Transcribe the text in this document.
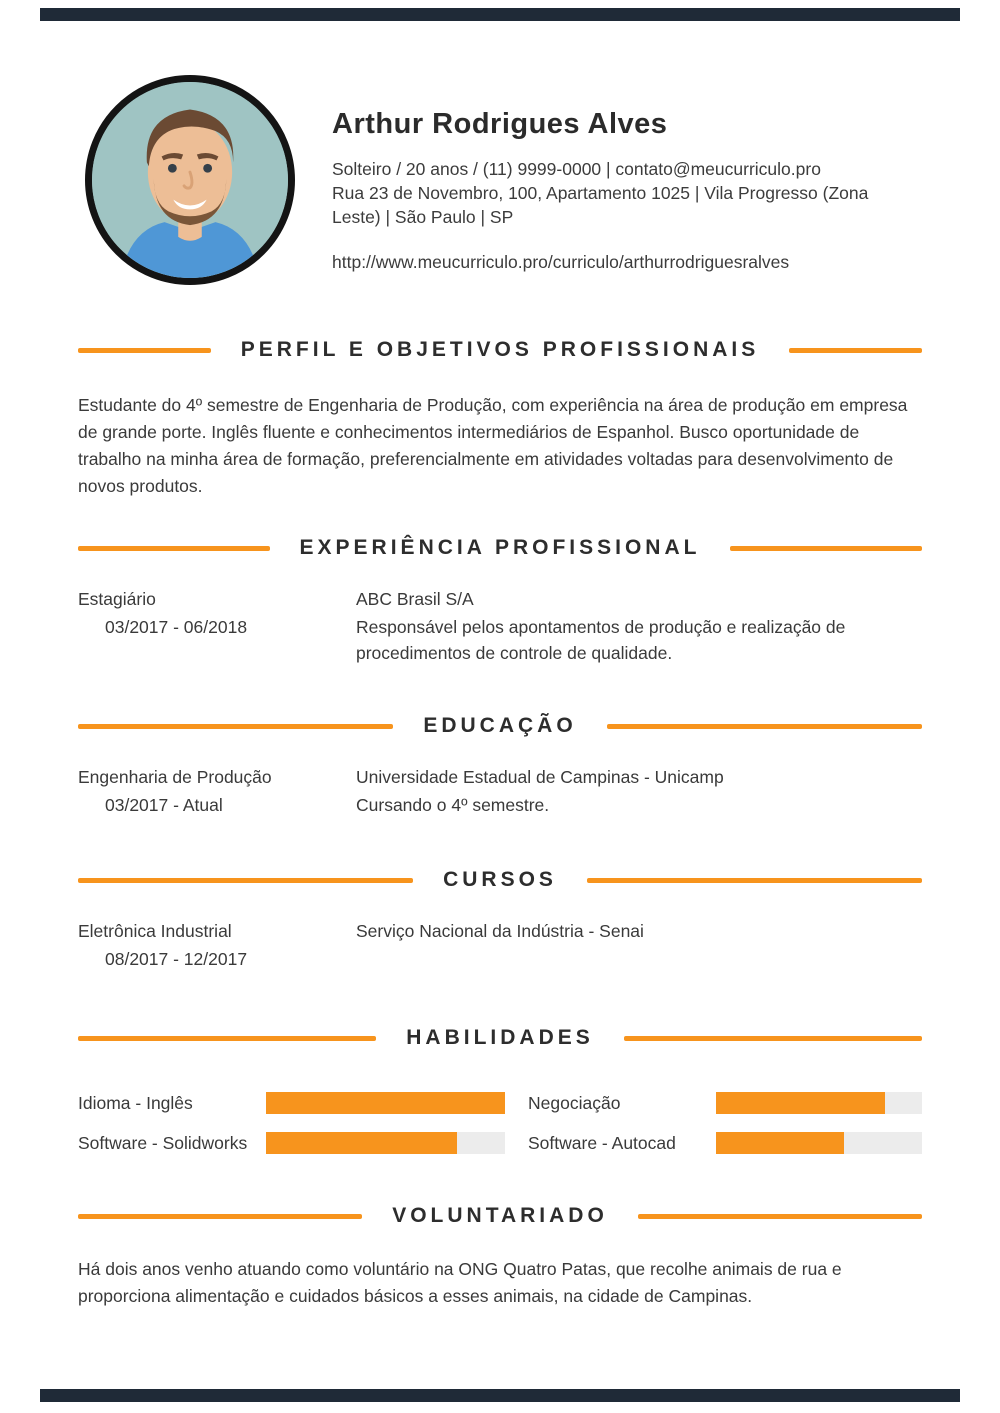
Arthur Rodrigues Alves

Solteiro / 20 anos / (11) 9999-0000 | contato@meucurriculo.pro

Rua 23 de Novembro, 100, Apartamento 1025 | Vila Progresso (Zona Leste) | São Paulo | SP

http://www.meucurriculo.pro/curriculo/arthurrodriguesralves
PERFIL E OBJETIVOS PROFISSIONAIS

Estudante do 4º semestre de Engenharia de Produção, com experiência na área de produção em empresa de grande porte. Inglês fluente e conhecimentos intermediários de Espanhol. Busco oportunidade de trabalho na minha área de formação, preferencialmente em atividades voltadas para desenvolvimento de novos produtos.

EXPERIÊNCIA PROFISSIONAL
Estagiário
03/2017 - 06/2018
ABC Brasil S/A
Responsável pelos apontamentos de produção e realização de procedimentos de controle de qualidade.
EDUCAÇÃO
Engenharia de Produção
03/2017 - Atual
Universidade Estadual de Campinas - Unicamp
Cursando o 4º semestre.
CURSOS
Eletrônica Industrial
08/2017 - 12/2017
Serviço Nacional da Indústria - Senai
HABILIDADES
Idioma - Inglês	Negociação
Software - Solidworks	Software - Autocad
VOLUNTARIADO

Há dois anos venho atuando como voluntário na ONG Quatro Patas, que recolhe animais de rua e proporciona alimentação e cuidados básicos a esses animais, na cidade de Campinas.
